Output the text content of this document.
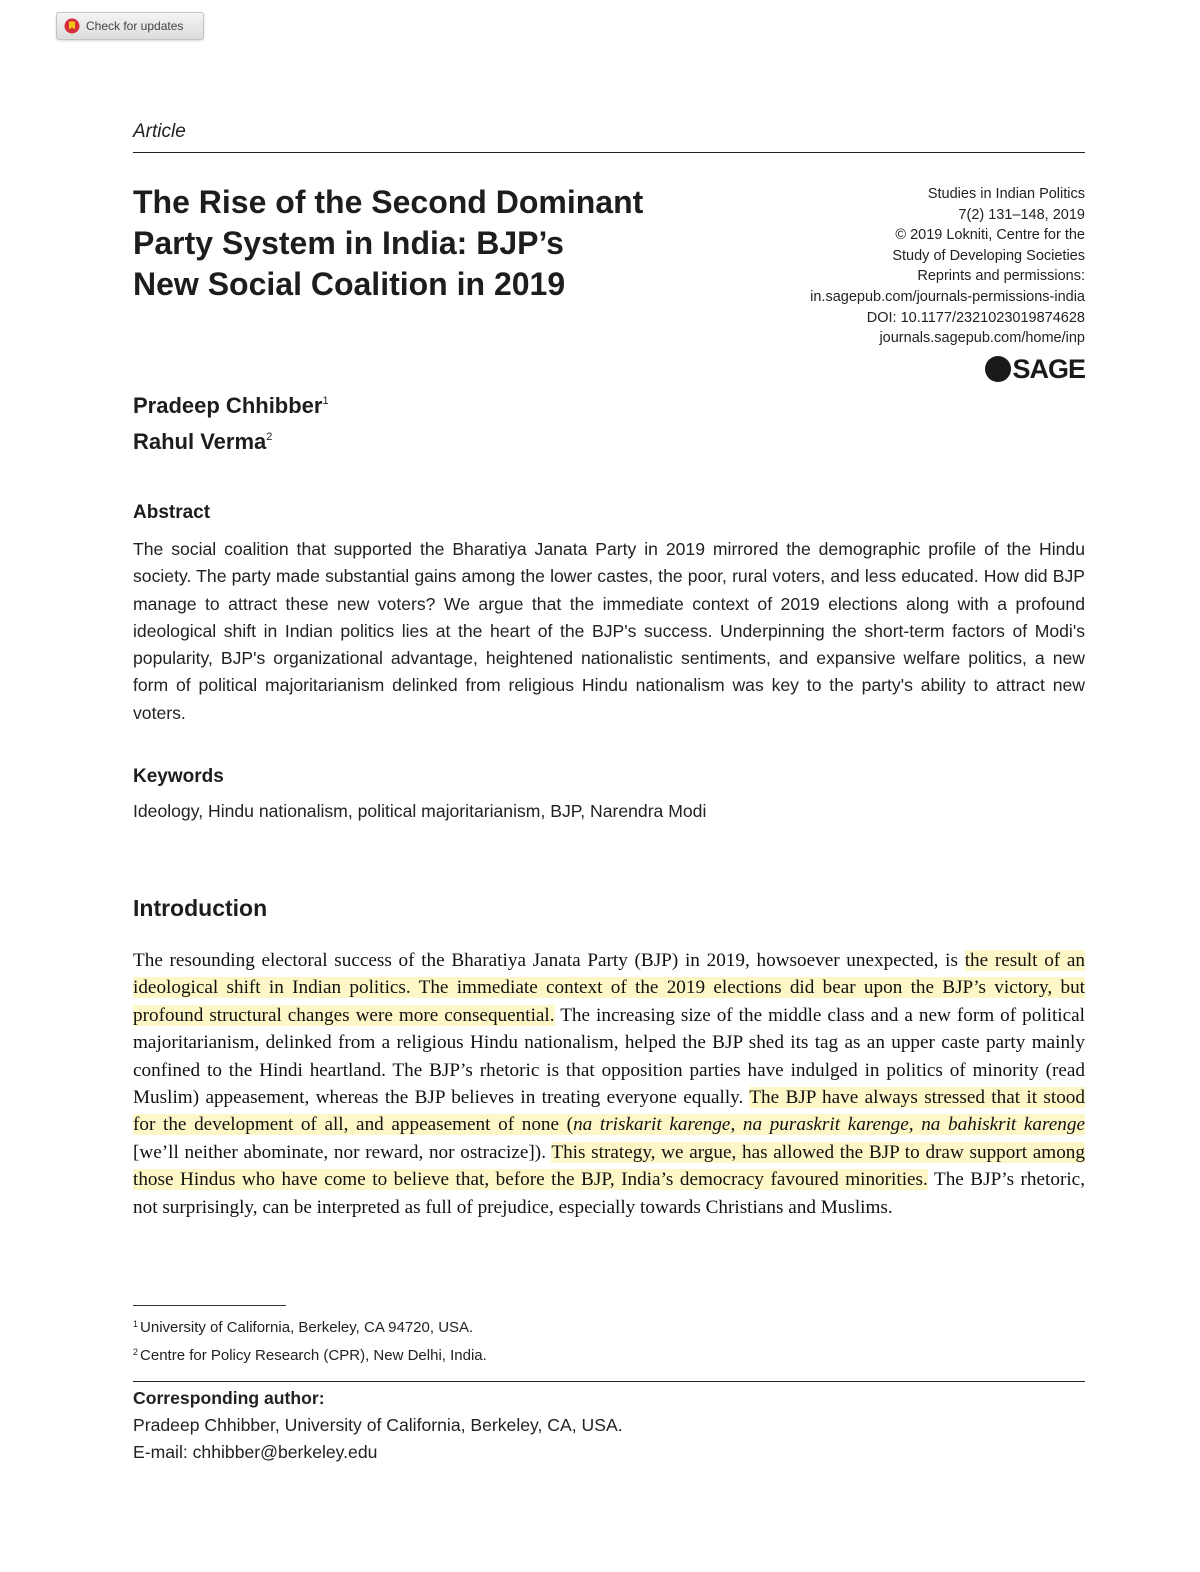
Check for updates
Article
The Rise of the Second Dominant
Party System in India: BJP’s
New Social Coalition in 2019
Studies in Indian Politics
7(2) 131–148, 2019
© 2019 Lokniti, Centre for the
Study of Developing Societies
Reprints and permissions:
in.sagepub.com/journals-permissions-india
DOI: 10.1177/2321023019874628
journals.sagepub.com/home/inp
SAGE
Pradeep Chhibber$^1$
Rahul Verma$^2$
Abstract

The social coalition that supported the Bharatiya Janata Party in 2019 mirrored the demographic profile of the Hindu society. The party made substantial gains among the lower castes, the poor, rural voters, and less educated. How did BJP manage to attract these new voters? We argue that the immediate context of 2019 elections along with a profound ideological shift in Indian politics lies at the heart of the BJP's success. Underpinning the short-term factors of Modi's popularity, BJP's organizational advantage, heightened nationalistic sentiments, and expansive welfare politics, a new form of political majoritarianism delinked from religious Hindu nationalism was key to the party's ability to attract new voters.

Keywords
Ideology, Hindu nationalism, political majoritarianism, BJP, Narendra Modi
Introduction

The resounding electoral success of the Bharatiya Janata Party (BJP) in 2019, howsoever unexpected, is the result of an ideological shift in Indian politics. The immediate context of the 2019 elections did bear upon the BJP’s victory, but profound structural changes were more consequential. The increasing size of the middle class and a new form of political majoritarianism, delinked from a religious Hindu nationalism, helped the BJP shed its tag as an upper caste party mainly confined to the Hindi heartland. The BJP’s rhetoric is that opposition parties have indulged in politics of minority (read Muslim) appeasement, whereas the BJP believes in treating everyone equally. The BJP have always stressed that it stood for the development of all, and appeasement of none (na triskarit karenge, na puraskrit karenge, na bahiskrit karenge [we’ll neither abominate, nor reward, nor ostracize]). This strategy, we argue, has allowed the BJP to draw support among those Hindus who have come to believe that, before the BJP, India’s democracy favoured minorities. The BJP’s rhetoric, not surprisingly, can be interpreted as full of prejudice, especially towards Christians and Muslims.

$^1$ University of California, Berkeley, CA 94720, USA.
$^2$ Centre for Policy Research (CPR), New Delhi, India.
Corresponding author:
Pradeep Chhibber, University of California, Berkeley, CA, USA.
E-mail: chhibber@berkeley.edu
